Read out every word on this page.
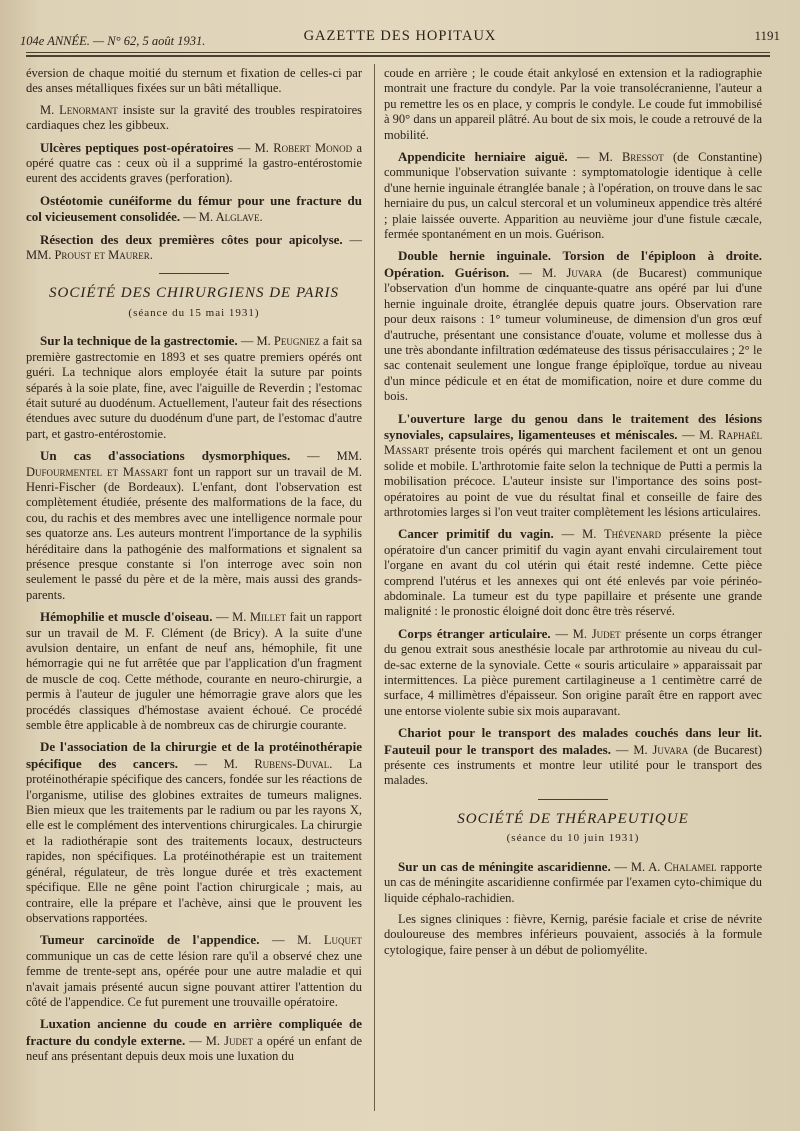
104e ANNÉE. — N° 62, 5 août 1931.	GAZETTE DES HOPITAUX	1191

éversion de chaque moitié du sternum et fixation de celles-ci par des anses métalliques fixées sur un bâti métallique.

M. Lenormant insiste sur la gravité des troubles respiratoires cardiaques chez les gibbeux.

Ulcères peptiques post-opératoires — M. Robert Monod a opéré quatre cas : ceux où il a supprimé la gastro-entérostomie eurent des accidents graves (perforation).

Ostéotomie cunéiforme du fémur pour une fracture du col vicieusement consolidée. — M. Alglave.

Résection des deux premières côtes pour apicolyse. — MM. Proust et Maurer.

SOCIÉTÉ DES CHIRURGIENS DE PARIS

(séance du 15 mai 1931)

Sur la technique de la gastrectomie. — M. Peugniez a fait sa première gastrectomie en 1893 et ses quatre premiers opérés ont guéri. La technique alors employée était la suture par points séparés à la soie plate, fine, avec l'aiguille de Reverdin ; l'estomac était suturé au duodénum. Actuellement, l'auteur fait des résections étendues avec suture du duodénum d'une part, de l'estomac d'autre part, et gastro-entérostomie.

Un cas d'associations dysmorphiques. — MM. Dufourmentel et Massart font un rapport sur un travail de M. Henri-Fischer (de Bordeaux). L'enfant, dont l'observation est complètement étudiée, présente des malformations de la face, du cou, du rachis et des membres avec une intelligence normale pour ses quatorze ans. Les auteurs montrent l'importance de la syphilis héréditaire dans la pathogénie des malformations et signalent sa présence presque constante si l'on interroge avec soin non seulement le passé du père et de la mère, mais aussi des grands-parents.

Hémophilie et muscle d'oiseau. — M. Millet fait un rapport sur un travail de M. F. Clément (de Bricy). A la suite d'une avulsion dentaire, un enfant de neuf ans, hémophile, fit une hémorragie qui ne fut arrêtée que par l'application d'un fragment de muscle de coq. Cette méthode, courante en neuro-chirurgie, a permis à l'auteur de juguler une hémorragie grave alors que les procédés classiques d'hémostase avaient échoué. Ce procédé semble être applicable à de nombreux cas de chirurgie courante.

De l'association de la chirurgie et de la protéinothérapie spécifique des cancers. — M. Rubens-Duval. La protéinothérapie spécifique des cancers, fondée sur les réactions de l'organisme, utilise des globines extraites de tumeurs malignes. Bien mieux que les traitements par le radium ou par les rayons X, elle est le complément des interventions chirurgicales. La chirurgie et la radiothérapie sont des traitements locaux, destructeurs rapides, non spécifiques. La protéinothérapie est un traitement général, régulateur, de très longue durée et très exactement spécifique. Elle ne gêne point l'action chirurgicale ; mais, au contraire, elle la prépare et l'achève, ainsi que le prouvent les observations rapportées.

Tumeur carcinoïde de l'appendice. — M. Luquet communique un cas de cette lésion rare qu'il a observé chez une femme de trente-sept ans, opérée pour une autre maladie et qui n'avait jamais présenté aucun signe pouvant attirer l'attention du côté de l'appendice. Ce fut purement une trouvaille opératoire.

Luxation ancienne du coude en arrière compliquée de fracture du condyle externe. — M. Judet a opéré un enfant de neuf ans présentant depuis deux mois une luxation du

coude en arrière ; le coude était ankylosé en extension et la radiographie montrait une fracture du condyle. Par la voie transolécranienne, l'auteur a pu remettre les os en place, y compris le condyle. Le coude fut immobilisé à 90° dans un appareil plâtré. Au bout de six mois, le coude a retrouvé de la mobilité.

Appendicite herniaire aiguë. — M. Bressot (de Constantine) communique l'observation suivante : symptomatologie identique à celle d'une hernie inguinale étranglée banale ; à l'opération, on trouve dans le sac herniaire du pus, un calcul stercoral et un volumineux appendice très altéré ; plaie laissée ouverte. Apparition au neuvième jour d'une fistule cæcale, fermée spontanément en un mois. Guérison.

Double hernie inguinale. Torsion de l'épiploon à droite. Opération. Guérison. — M. Juvara (de Bucarest) communique l'observation d'un homme de cinquante-quatre ans opéré par lui d'une hernie inguinale droite, étranglée depuis quatre jours. Observation rare pour deux raisons : 1° tumeur volumineuse, de dimension d'un gros œuf d'autruche, présentant une consistance d'ouate, volume et mollesse dus à une très abondante infiltration œdémateuse des tissus périsacculaires ; 2° le sac contenait seulement une longue frange épiploïque, tordue au niveau d'un mince pédicule et en état de momification, noire et dure comme du bois.

L'ouverture large du genou dans le traitement des lésions synoviales, capsulaires, ligamenteuses et méniscales. — M. Raphaël Massart présente trois opérés qui marchent facilement et ont un genou solide et mobile. L'arthrotomie faite selon la technique de Putti a permis la mobilisation précoce. L'auteur insiste sur l'importance des soins post-opératoires au point de vue du résultat final et conseille de faire des arthrotomies larges si l'on veut traiter complètement les lésions articulaires.

Cancer primitif du vagin. — M. Thévenard présente la pièce opératoire d'un cancer primitif du vagin ayant envahi circulairement tout l'organe en avant du col utérin qui était resté indemne. Cette pièce comprend l'utérus et les annexes qui ont été enlevés par voie périnéo-abdominale. La tumeur est du type papillaire et présente une grande malignité : le pronostic éloigné doit donc être très réservé.

Corps étranger articulaire. — M. Judet présente un corps étranger du genou extrait sous anesthésie locale par arthrotomie au niveau du cul-de-sac externe de la synoviale. Cette « souris articulaire » apparaissait par intermittences. La pièce purement cartilagineuse a 1 centimètre carré de surface, 4 millimètres d'épaisseur. Son origine paraît être en rapport avec une entorse violente subie six mois auparavant.

Chariot pour le transport des malades couchés dans leur lit. Fauteuil pour le transport des malades. — M. Juvara (de Bucarest) présente ces instruments et montre leur utilité pour le transport des malades.

SOCIÉTÉ DE THÉRAPEUTIQUE

(séance du 10 juin 1931)

Sur un cas de méningite ascaridienne. — M. A. Chalamel rapporte un cas de méningite ascaridienne confirmée par l'examen cyto-chimique du liquide céphalo-rachidien.

Les signes cliniques : fièvre, Kernig, parésie faciale et crise de névrite douloureuse des membres inférieurs pouvaient, associés à la formule cytologique, faire penser à un début de poliomyélite.
